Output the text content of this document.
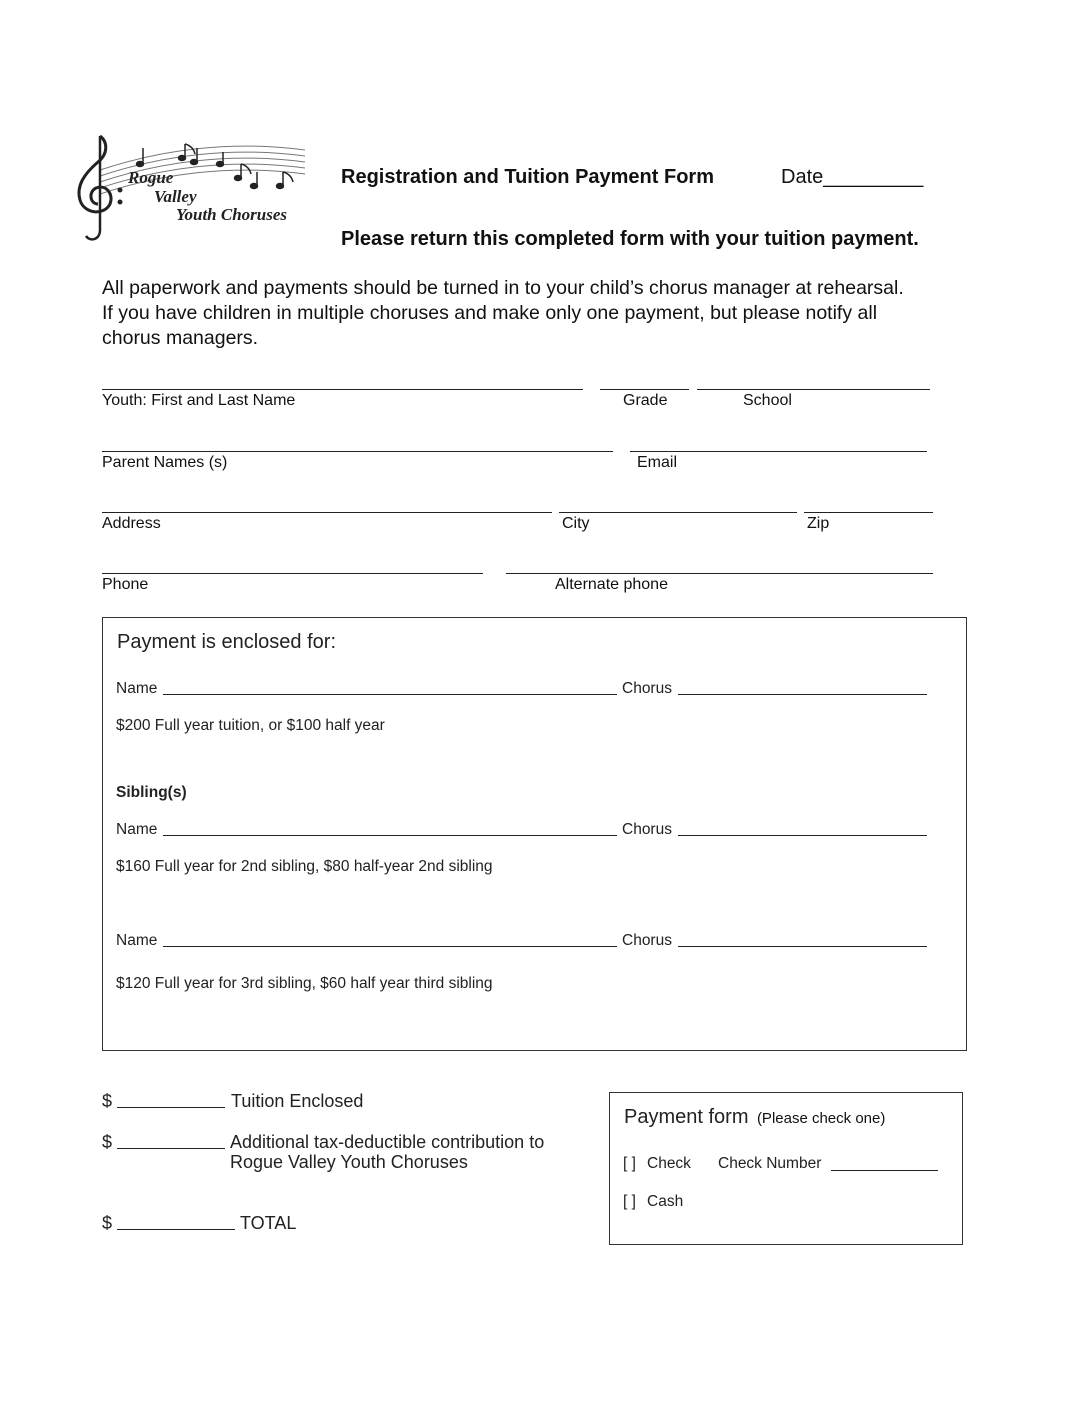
Rogue
Valley
Youth Choruses
Registration and Tuition Payment Form	Date_________
Please return this completed form with your tuition payment.
All paperwork and payments should be turned in to your child’s chorus manager at rehearsal.
If you have children in multiple choruses and make only one payment, but please notify all
chorus managers.
Youth: First and Last Name	Grade	School
Parent Names (s)	Email
Address	City	Zip
Phone	Alternate phone
Payment is enclosed for:
Name	Chorus
$200 Full year tuition, or $100 half year
Sibling(s)
Name	Chorus
$160 Full year for 2nd sibling, $80 half-year 2nd sibling
Name	Chorus
$120 Full year for 3rd sibling, $60 half year third sibling
$	Tuition Enclosed
$	Additional tax-deductible contribution to
Rogue Valley Youth Choruses
$	TOTAL
Payment form (Please check one)
[ ] Check Check Number
[ ] Cash
